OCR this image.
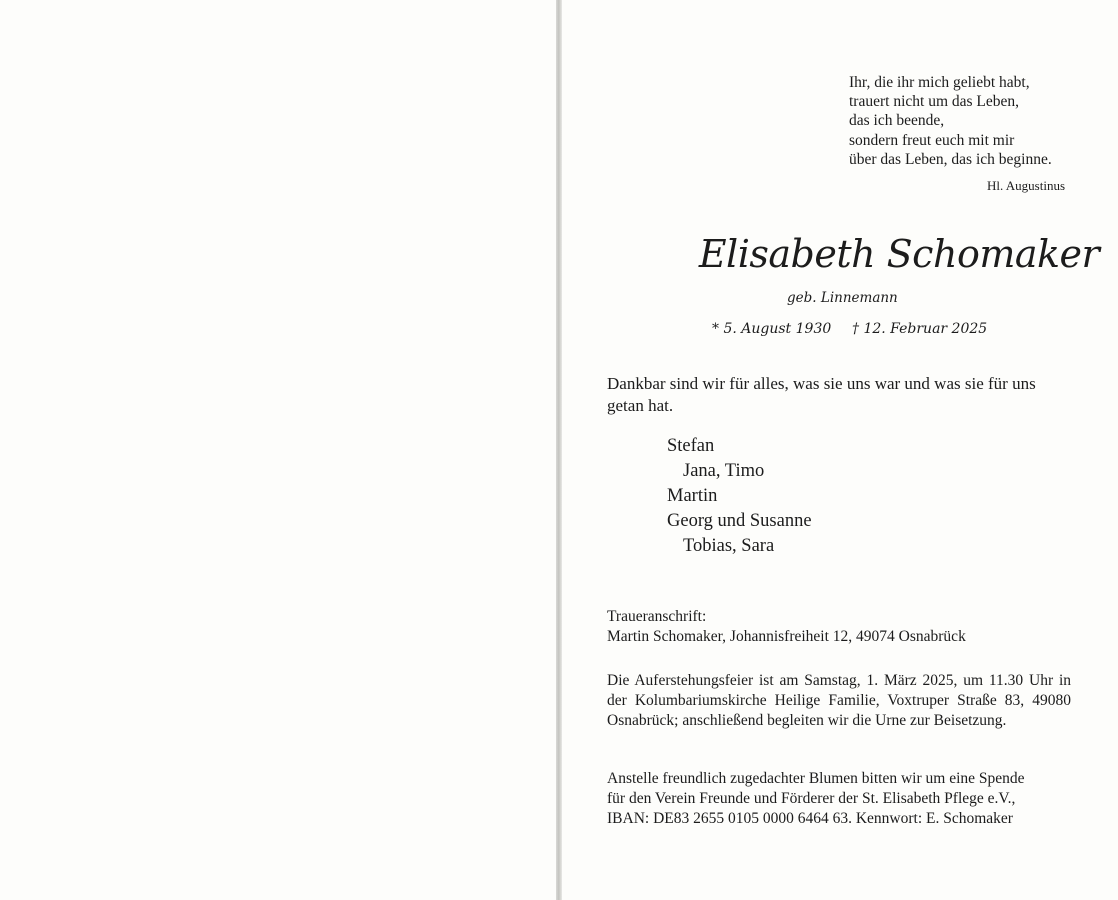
Ihr, die ihr mich geliebt habt,
trauert nicht um das Leben,
das ich beende,
sondern freut euch mit mir
über das Leben, das ich beginne.
Hl. Augustinus
Elisabeth Schomaker
geb. Linnemann
* 5. August 1930 † 12. Februar 2025
Dankbar sind wir für alles, was sie uns war und was sie für uns getan hat.
Stefan
Jana, Timo
Martin
Georg und Susanne
Tobias, Sara
Traueranschrift:
Martin Schomaker, Johannisfreiheit 12, 49074 Osnabrück
Die Auferstehungsfeier ist am Samstag, 1. März 2025, um 11.30 Uhr in der Kolumbariumskirche Heilige Familie, Voxtruper Straße 83, 49080 Osnabrück; anschließend begleiten wir die Urne zur Beisetzung.
Anstelle freundlich zugedachter Blumen bitten wir um eine Spende
für den Verein Freunde und Förderer der St. Elisabeth Pflege e.V.,
IBAN: DE83 2655 0105 0000 6464 63. Kennwort: E. Schomaker
